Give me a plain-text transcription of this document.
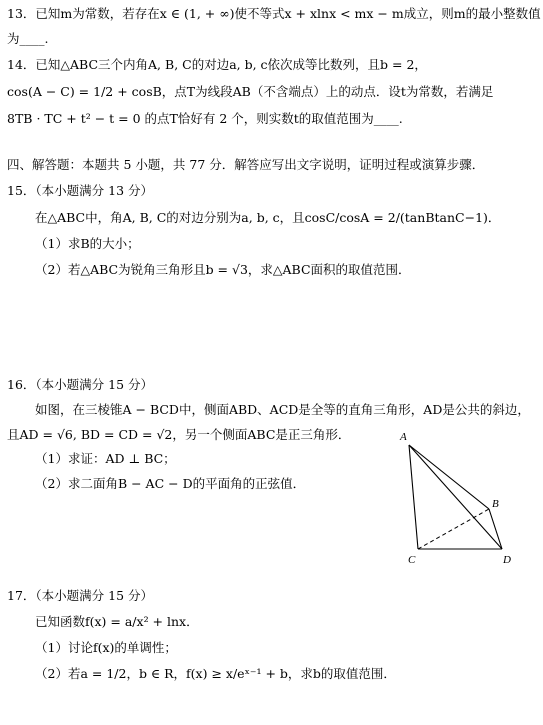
13．已知m为常数，若存在x ∈ (1, + ∞)使不等式x + xlnx < mx − m成立，则m的最小整数值
为____.
14．已知△ABC三个内角A, B, C的对边a, b, c依次成等比数列，且b = 2，
cos(A − C) = 1/2 + cosB，点T为线段AB（不含端点）上的动点．设t为常数，若满足
8TB · TC + t² − t = 0 的点T恰好有 2 个，则实数t的取值范围为____.
四、解答题：本题共 5 小题，共 77 分．解答应写出文字说明，证明过程或演算步骤．
15．（本小题满分 13 分）
在△ABC中，角A, B, C的对边分别为a, b, c，且cosC/cosA = 2/(tanBtanC−1)．
（1）求B的大小；
（2）若△ABC为锐角三角形且b = √3，求△ABC面积的取值范围．
16．（本小题满分 15 分）
如图，在三棱锥A − BCD中，侧面ABD、ACD是全等的直角三角形，AD是公共的斜边，
且AD = √6, BD = CD = √2，另一个侧面ABC是正三角形．
（1）求证：AD ⊥ BC；
（2）求二面角B − AC − D的平面角的正弦值．
A
B
C	D
17．（本小题满分 15 分）
已知函数f(x) = a/x² + lnx．
（1）讨论f(x)的单调性；
（2）若a = 1/2，b ∈ R，f(x) ≥ x/eˣ⁻¹ + b，求b的取值范围．
